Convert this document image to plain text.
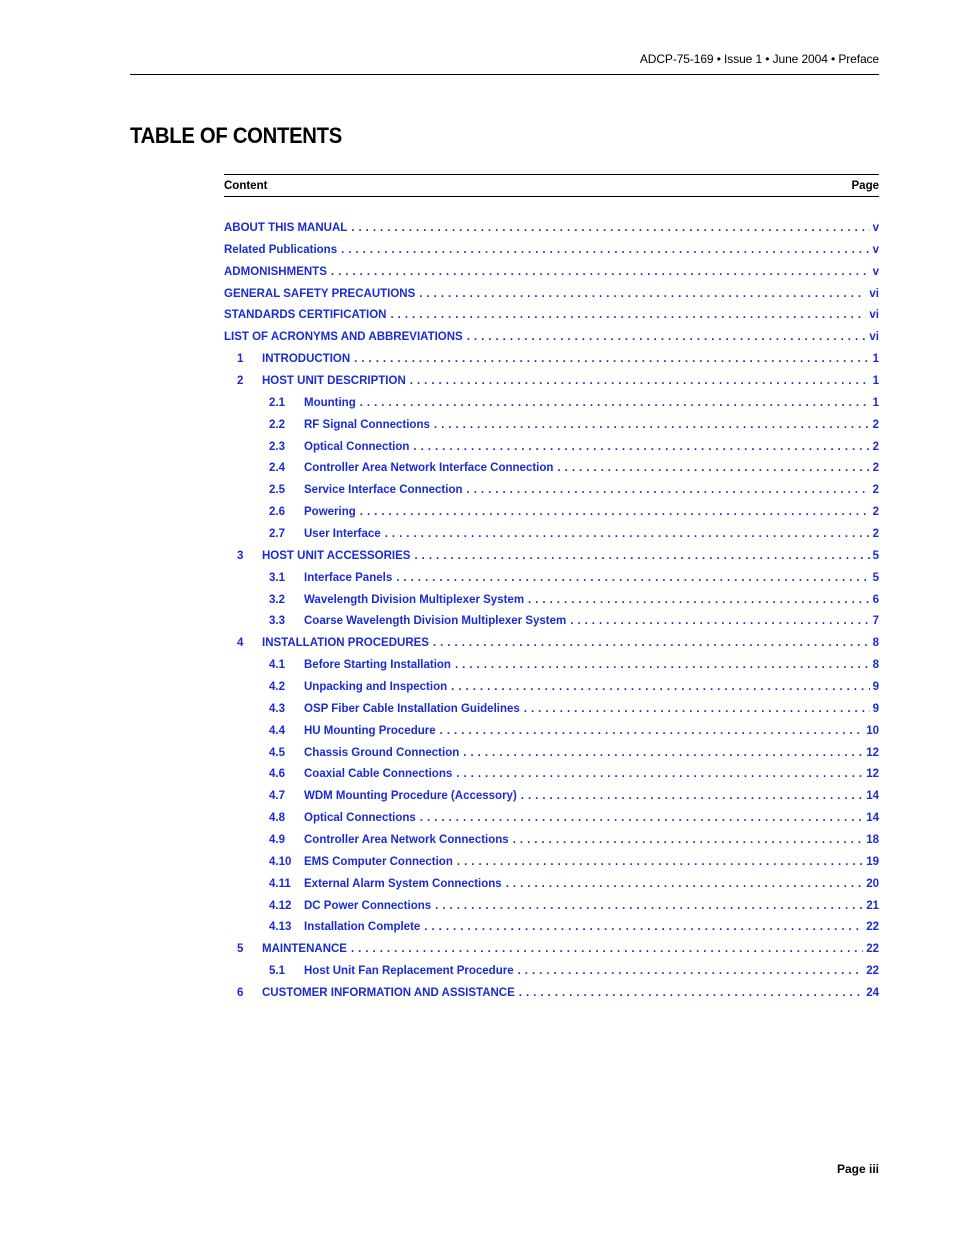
ADCP-75-169 • Issue 1 • June 2004 • Preface
TABLE OF CONTENTS
Content	Page
ABOUT THIS MANUAL . . .	v
Related Publications . . .	v
ADMONISHMENTS . . .	v
GENERAL SAFETY PRECAUTIONS . . .	vi
STANDARDS CERTIFICATION . . .	vi
LIST OF ACRONYMS AND ABBREVIATIONS . . .	vi
1	INTRODUCTION . . .	1
2	HOST UNIT DESCRIPTION . . .	1
2.1	Mounting . . .	1
2.2	RF Signal Connections . . .	2
2.3	Optical Connection . . .	2
2.4	Controller Area Network Interface Connection . . .	2
2.5	Service Interface Connection . . .	2
2.6	Powering . . .	2
2.7	User Interface . . .	2
3	HOST UNIT ACCESSORIES . . .	5
3.1	Interface Panels . . .	5
3.2	Wavelength Division Multiplexer System . . .	6
3.3	Coarse Wavelength Division Multiplexer System . . .	7
4	INSTALLATION PROCEDURES . . .	8
4.1	Before Starting Installation . . .	8
4.2	Unpacking and Inspection . . .	9
4.3	OSP Fiber Cable Installation Guidelines . . .	9
4.4	HU Mounting Procedure . . .	10
4.5	Chassis Ground Connection . . .	12
4.6	Coaxial Cable Connections . . .	12
4.7	WDM Mounting Procedure (Accessory) . . .	14
4.8	Optical Connections . . .	14
4.9	Controller Area Network Connections . . .	18
4.10	EMS Computer Connection . . .	19
4.11	External Alarm System Connections . . .	20
4.12	DC Power Connections . . .	21
4.13	Installation Complete . . .	22
5	MAINTENANCE . . .	22
5.1	Host Unit Fan Replacement Procedure . . .	22
6	CUSTOMER INFORMATION AND ASSISTANCE . . .	24
Page iii
